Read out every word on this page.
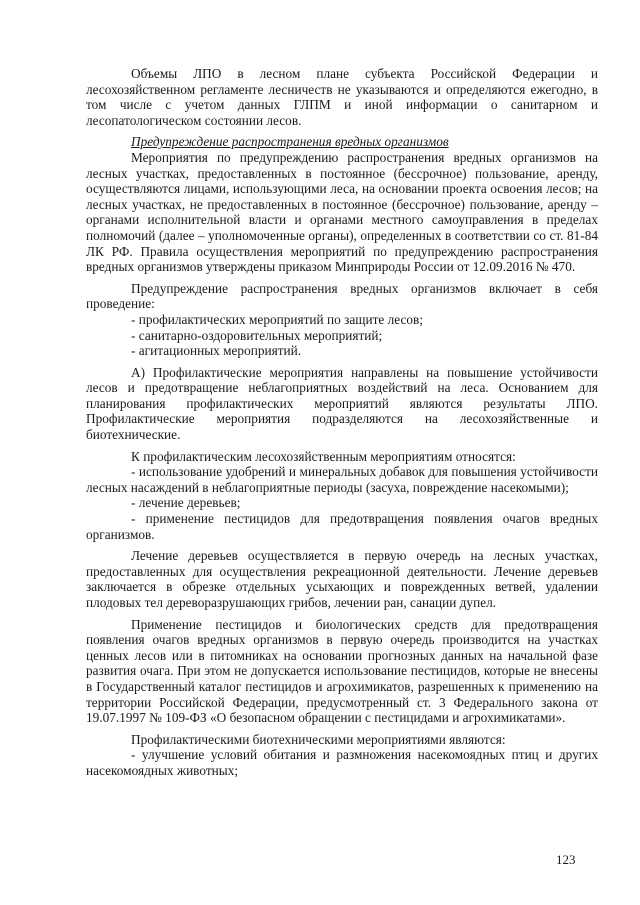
Объемы ЛПО в лесном плане субъекта Российской Федерации и лесохозяйственном регламенте лесничеств не указываются и определяются ежегодно, в том числе с учетом данных ГЛПМ и иной информации о санитарном и лесопатологическом состоянии лесов.

Предупреждение распространения вредных организмов

Мероприятия по предупреждению распространения вредных организмов на лесных участках, предоставленных в постоянное (бессрочное) пользование, аренду, осуществляются лицами, использующими леса, на основании проекта освоения лесов; на лесных участках, не предоставленных в постоянное (бессрочное) пользование, аренду – органами исполнительной власти и органами местного самоуправления в пределах полномочий (далее – уполномоченные органы), определенных в соответствии со ст. 81-84 ЛК РФ. Правила осуществления мероприятий по предупреждению распространения вредных организмов утверждены приказом Минприроды России от 12.09.2016 № 470.

Предупреждение распространения вредных организмов включает в себя проведение:

- профилактических мероприятий по защите лесов;

- санитарно-оздоровительных мероприятий;

- агитационных мероприятий.

А) Профилактические мероприятия направлены на повышение устойчивости лесов и предотвращение неблагоприятных воздействий на леса. Основанием для планирования профилактических мероприятий являются результаты ЛПО. Профилактические мероприятия подразделяются на лесохозяйственные и биотехнические.

К профилактическим лесохозяйственным мероприятиям относятся:

- использование удобрений и минеральных добавок для повышения устойчивости лесных насаждений в неблагоприятные периоды (засуха, повреждение насекомыми);

- лечение деревьев;

- применение пестицидов для предотвращения появления очагов вредных организмов.

Лечение деревьев осуществляется в первую очередь на лесных участках, предоставленных для осуществления рекреационной деятельности. Лечение деревьев заключается в обрезке отдельных усыхающих и поврежденных ветвей, удалении плодовых тел дереворазрушающих грибов, лечении ран, санации дупел.

Применение пестицидов и биологических средств для предотвращения появления очагов вредных организмов в первую очередь производится на участках ценных лесов или в питомниках на основании прогнозных данных на начальной фазе развития очага. При этом не допускается использование пестицидов, которые не внесены в Государственный каталог пестицидов и агрохимикатов, разрешенных к применению на территории Российской Федерации, предусмотренный ст. 3 Федерального закона от 19.07.1997 № 109-ФЗ «О безопасном обращении с пестицидами и агрохимикатами».

Профилактическими биотехническими мероприятиями являются:

- улучшение условий обитания и размножения насекомоядных птиц и других насекомоядных животных;

123
